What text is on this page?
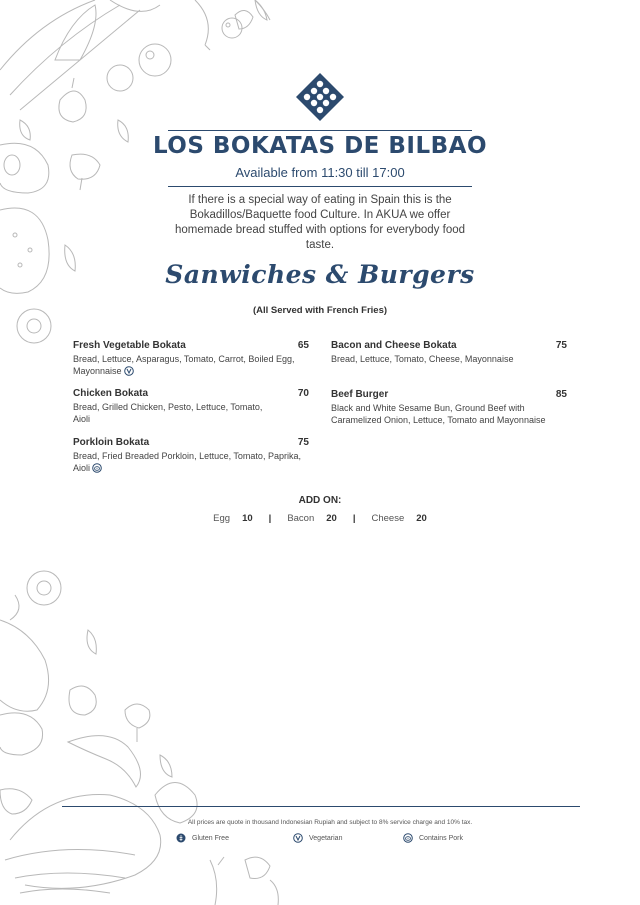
LOS BOKATAS DE BILBAO
Available from 11:30 till 17:00
If there is a special way of eating in Spain this is the Bokadillos/Baquette food Culture. In AKUA we offer homemade bread stuffed with options for everybody food taste.
Sanwiches & Burgers
(All Served with French Fries)
Fresh Vegetable Bokata	65
Bread, Lettuce, Asparagus, Tomato, Carrot, Boiled Egg, Mayonnaise
Chicken Bokata	70
Bread, Grilled Chicken, Pesto, Lettuce, Tomato, Aioli
Porkloin Bokata	75
Bread, Fried Breaded Porkloin, Lettuce, Tomato, Paprika, Aioli
Bacon and Cheese Bokata	75
Bread, Lettuce, Tomato, Cheese, Mayonnaise
Beef Burger	85
Black and White Sesame Bun, Ground Beef with Caramelized Onion, Lettuce, Tomato and Mayonnaise
ADD ON:
Egg 10 | Bacon 20 | Cheese 20
All prices are quote in thousand Indonesian Rupiah and subject to 8% service charge and 10% tax.
Gluten Free	Vegetarian	Contains Pork
